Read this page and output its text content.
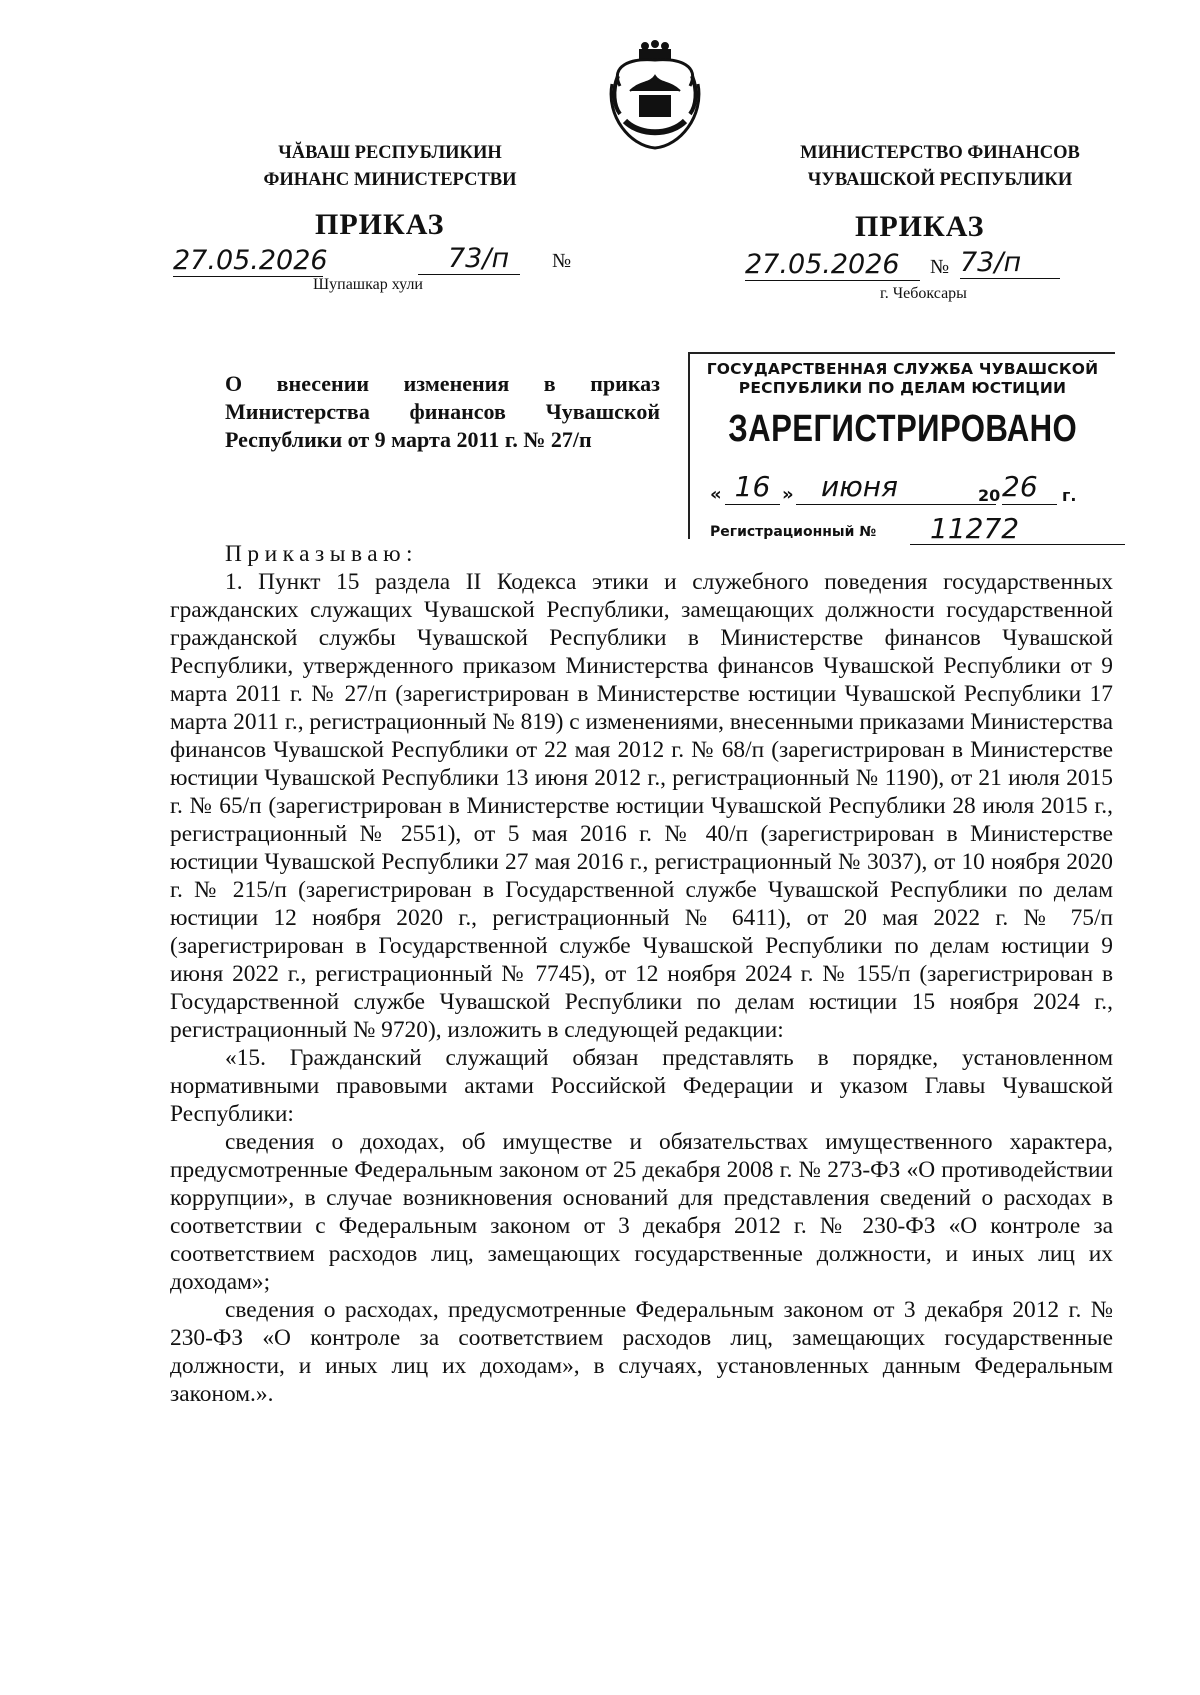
ЧĂВАШ РЕСПУБЛИКИН
ФИНАНС МИНИСТЕРСТВИ
МИНИСТЕРСТВО ФИНАНСОВ
ЧУВАШСКОЙ РЕСПУБЛИКИ
ПРИКАЗ	ПРИКАЗ
27.05.2026	73/п	№
Шупашкар хули
27.05.2026	№ 73/п
г. Чебоксары
О внесении изменения в приказ Министерства финансов Чувашской Республики от 9 марта 2011 г. № 27/п
ГОСУДАРСТВЕННАЯ СЛУЖБА ЧУВАШСКОЙ
РЕСПУБЛИКИ ПО ДЕЛАМ ЮСТИЦИИ
ЗАРЕГИСТРИРОВАНО
« 16 » июня	20 26	г.
Регистрационный №	11272

Приказываю:

1. Пункт 15 раздела II Кодекса этики и служебного поведения государственных гражданских служащих Чувашской Республики, замещающих должности государственной гражданской службы Чувашской Республики в Министерстве финансов Чувашской Республики, утвержденного приказом Министерства финансов Чувашской Республики от 9 марта 2011 г. № 27/п (зарегистрирован в Министерстве юстиции Чувашской Республики 17 марта 2011 г., регистрационный № 819) с изменениями, внесенными приказами Министерства финансов Чувашской Республики от 22 мая 2012 г. № 68/п (зарегистрирован в Министерстве юстиции Чувашской Республики 13 июня 2012 г., регистрационный № 1190), от 21 июля 2015 г. № 65/п (зарегистрирован в Министерстве юстиции Чувашской Республики 28 июля 2015 г., регистрационный № 2551), от 5 мая 2016 г. № 40/п (зарегистрирован в Министерстве юстиции Чувашской Республики 27 мая 2016 г., регистрационный № 3037), от 10 ноября 2020 г. № 215/п (зарегистрирован в Государственной службе Чувашской Республики по делам юстиции 12 ноября 2020 г., регистрационный № 6411), от 20 мая 2022 г. № 75/п (зарегистрирован в Государственной службе Чувашской Республики по делам юстиции 9 июня 2022 г., регистрационный № 7745), от 12 ноября 2024 г. № 155/п (зарегистрирован в Государственной службе Чувашской Республики по делам юстиции 15 ноября 2024 г., регистрационный № 9720), изложить в следующей редакции:

«15. Гражданский служащий обязан представлять в порядке, установленном нормативными правовыми актами Российской Федерации и указом Главы Чувашской Республики:

сведения о доходах, об имуществе и обязательствах имущественного характера, предусмотренные Федеральным законом от 25 декабря 2008 г. № 273-ФЗ «О противодействии коррупции», в случае возникновения оснований для представления сведений о расходах в соответствии с Федеральным законом от 3 декабря 2012 г. № 230-ФЗ «О контроле за соответствием расходов лиц, замещающих государственные должности, и иных лиц их доходам»;

сведения о расходах, предусмотренные Федеральным законом от 3 декабря 2012 г. № 230-ФЗ «О контроле за соответствием расходов лиц, замещающих государственные должности, и иных лиц их доходам», в случаях, установленных данным Федеральным законом.».
